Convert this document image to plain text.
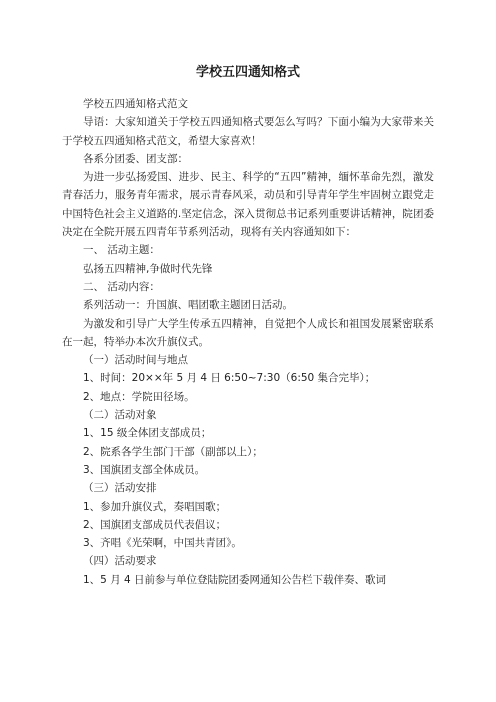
学校五四通知格式

学校五四通知格式范文

导语：大家知道关于学校五四通知格式要怎么写吗？下面小编为大家带来关于学校五四通知格式范文，希望大家喜欢！

各系分团委、团支部：

为进一步弘扬爱国、进步、民主、科学的“五四”精神，缅怀革命先烈，激发青春活力，服务青年需求，展示青春风采，动员和引导青年学生牢固树立跟党走中国特色社会主义道路的.坚定信念，深入贯彻总书记系列重要讲话精神，院团委决定在全院开展五四青年节系列活动，现将有关内容通知如下：

一、 活动主题：

弘扬五四精神,争做时代先锋

二、 活动内容：

系列活动一：升国旗、唱团歌主题团日活动。

为激发和引导广大学生传承五四精神，自觉把个人成长和祖国发展紧密联系在一起，特举办本次升旗仪式。

（一）活动时间与地点

1、时间：20××年 5 月 4 日 6:50~7:30（6:50 集合完毕）；

2、地点：学院田径场。

（二）活动对象

1、15 级全体团支部成员；

2、院系各学生部门干部（副部以上）；

3、国旗团支部全体成员。

（三）活动安排

1、参加升旗仪式，奏唱国歌；

2、国旗团支部成员代表倡议；

3、齐唱《光荣啊，中国共青团》。

（四）活动要求

1、5 月 4 日前参与单位登陆院团委网通知公告栏下载伴奏、歌词
